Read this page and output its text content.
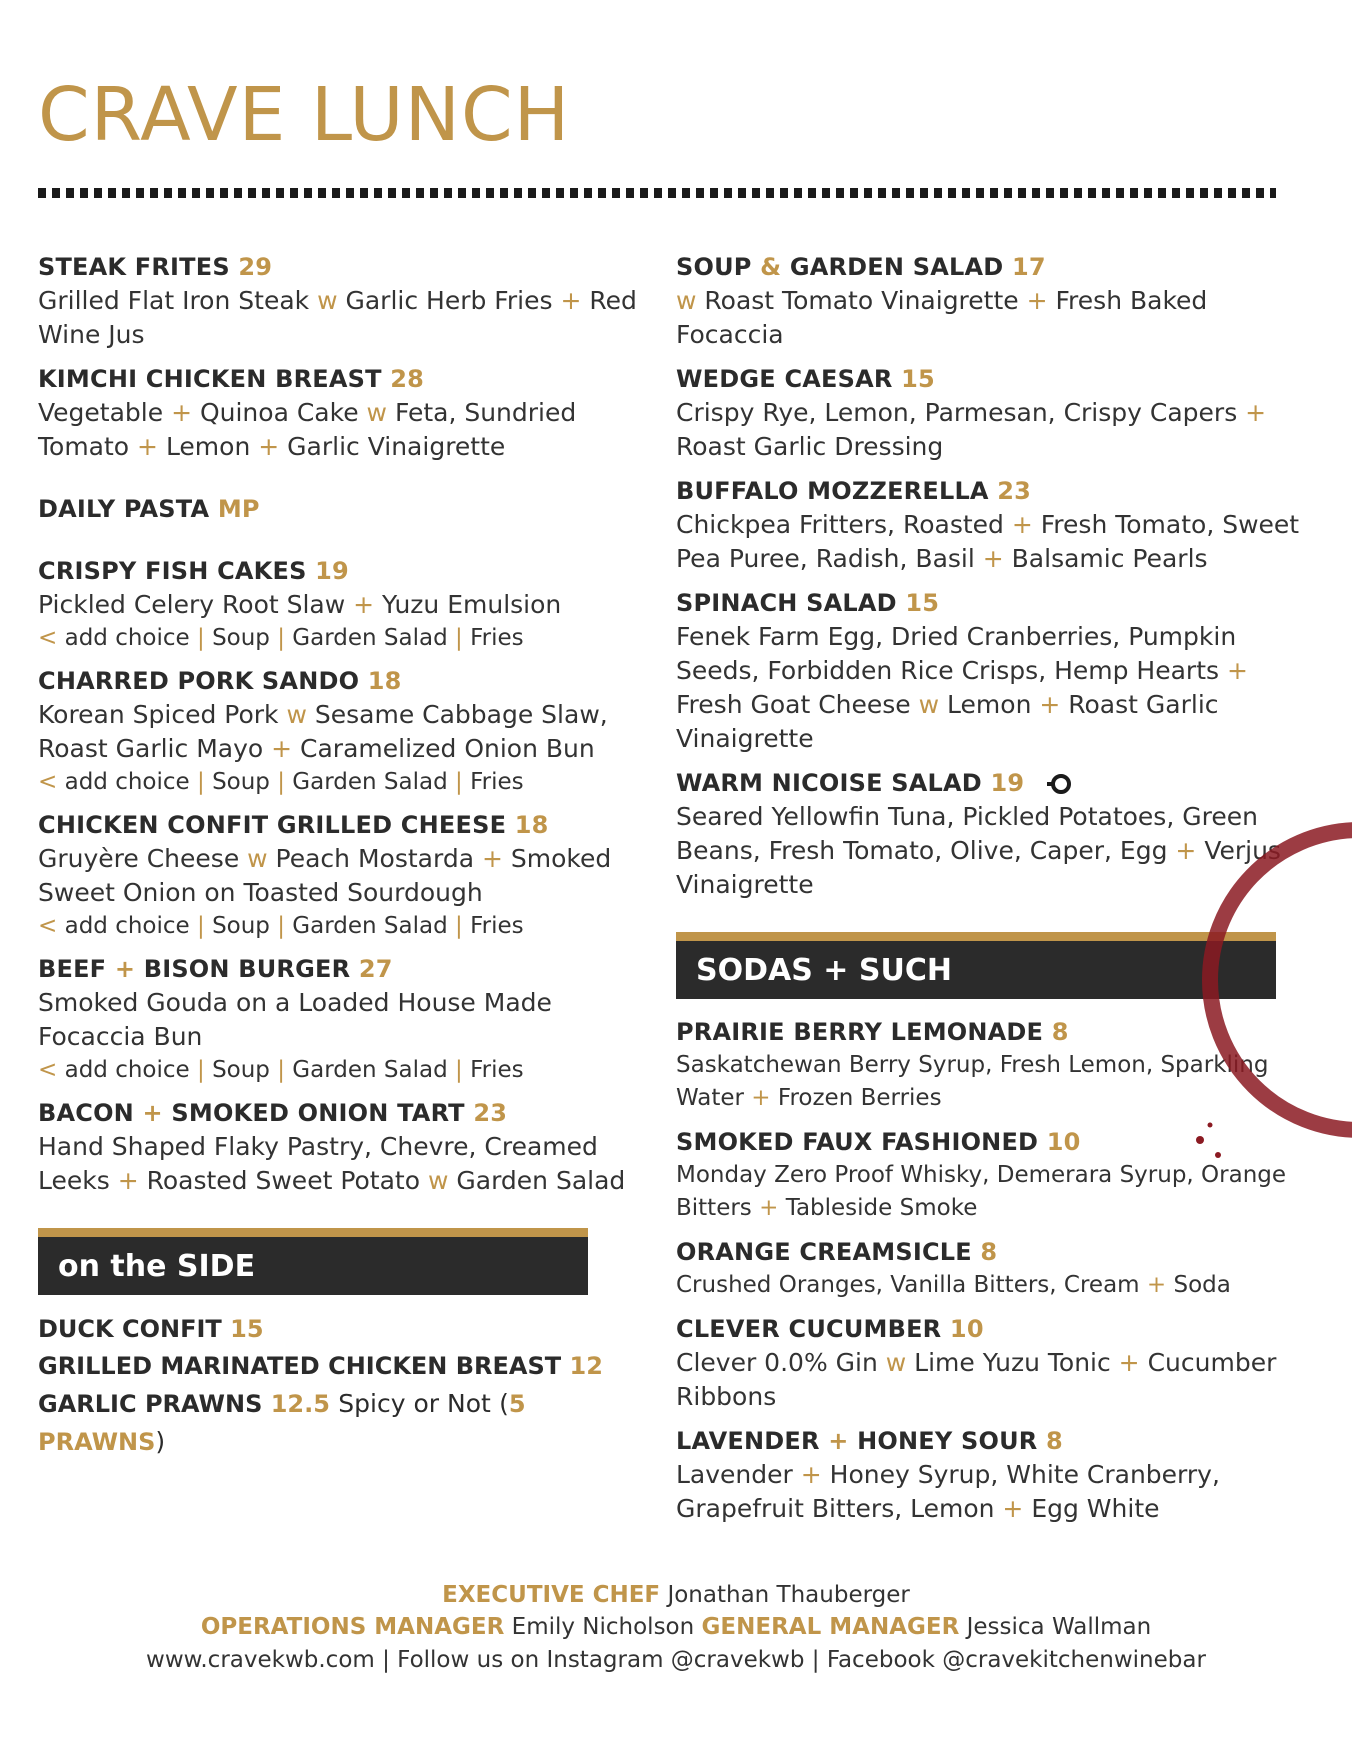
CRAVE LUNCH
STEAK FRITES 29
Grilled Flat Iron Steak w Garlic Herb Fries + Red Wine Jus
KIMCHI CHICKEN BREAST 28
Vegetable + Quinoa Cake w Feta, Sundried Tomato + Lemon + Garlic Vinaigrette
DAILY PASTA MP
CRISPY FISH CAKES 19
Pickled Celery Root Slaw + Yuzu Emulsion
< add choice | Soup | Garden Salad | Fries
CHARRED PORK SANDO 18
Korean Spiced Pork w Sesame Cabbage Slaw, Roast Garlic Mayo + Caramelized Onion Bun
< add choice | Soup | Garden Salad | Fries
CHICKEN CONFIT GRILLED CHEESE 18
Gruyère Cheese w Peach Mostarda + Smoked Sweet Onion on Toasted Sourdough
< add choice | Soup | Garden Salad | Fries
BEEF + BISON BURGER 27
Smoked Gouda on a Loaded House Made Focaccia Bun
< add choice | Soup | Garden Salad | Fries
BACON + SMOKED ONION TART 23
Hand Shaped Flaky Pastry, Chevre, Creamed Leeks + Roasted Sweet Potato w Garden Salad
on the SIDE
DUCK CONFIT 15
GRILLED MARINATED CHICKEN BREAST 12
GARLIC PRAWNS 12.5 Spicy or Not (5 PRAWNS)
SOUP & GARDEN SALAD 17
w Roast Tomato Vinaigrette + Fresh Baked Focaccia
WEDGE CAESAR 15
Crispy Rye, Lemon, Parmesan, Crispy Capers + Roast Garlic Dressing
BUFFALO MOZZERELLA 23
Chickpea Fritters, Roasted + Fresh Tomato, Sweet Pea Puree, Radish, Basil + Balsamic Pearls
SPINACH SALAD 15
Fenek Farm Egg, Dried Cranberries, Pumpkin Seeds, Forbidden Rice Crisps, Hemp Hearts + Fresh Goat Cheese w Lemon + Roast Garlic Vinaigrette
WARM NICOISE SALAD 19
Seared Yellowfin Tuna, Pickled Potatoes, Green Beans, Fresh Tomato, Olive, Caper, Egg + Verjus Vinaigrette
SODAS + SUCH
PRAIRIE BERRY LEMONADE 8
Saskatchewan Berry Syrup, Fresh Lemon, Sparkling Water + Frozen Berries
SMOKED FAUX FASHIONED 10
Monday Zero Proof Whisky, Demerara Syrup, Orange Bitters + Tableside Smoke
ORANGE CREAMSICLE 8
Crushed Oranges, Vanilla Bitters, Cream + Soda
CLEVER CUCUMBER 10
Clever 0.0% Gin w Lime Yuzu Tonic + Cucumber Ribbons
LAVENDER + HONEY SOUR 8
Lavender + Honey Syrup, White Cranberry, Grapefruit Bitters, Lemon + Egg White
EXECUTIVE CHEF Jonathan Thauberger
OPERATIONS MANAGER Emily Nicholson GENERAL MANAGER Jessica Wallman
www.cravekwb.com | Follow us on Instagram @cravekwb | Facebook @cravekitchenwinebar
